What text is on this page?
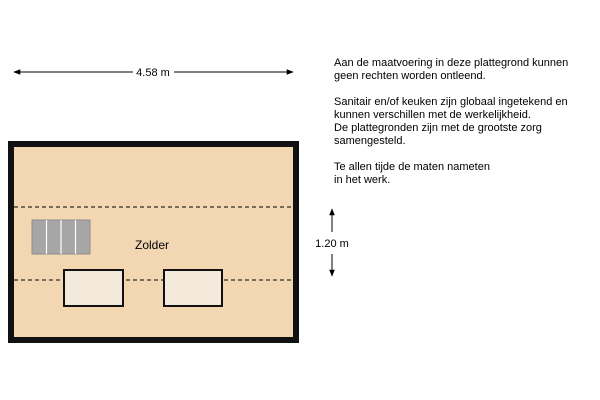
4.58 m
Zolder	1.20 m

Aan de maatvoering in deze plattegrond kunnen
geen rechten worden ontleend.

Sanitair en/of keuken zijn globaal ingetekend en
kunnen verschillen met de werkelijkheid.
De plattegronden zijn met de grootste zorg
samengesteld.

Te allen tijde de maten nameten
in het werk.
